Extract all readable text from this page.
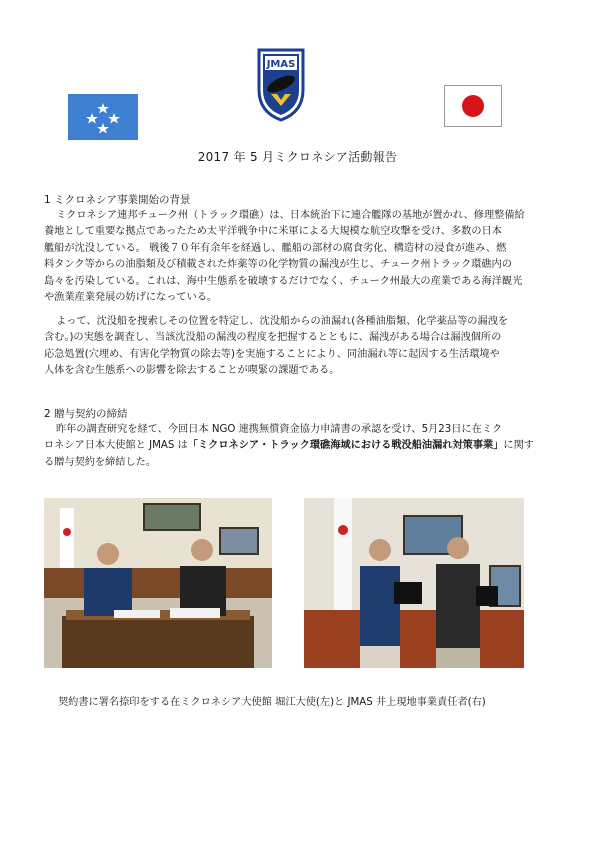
JMAS
2017 年 5 月ミクロネシア活動報告
1 ミクロネシア事業開始の背景
ミクロネシア連邦チューク州（トラック環礁）は、日本統治下に連合艦隊の基地が置かれ、修理整備給
養地として重要な拠点であったため太平洋戦争中に米軍による大規模な航空攻撃を受け、多数の日本
艦船が沈没している。 戦後７０年有余年を経過し、艦船の部材の腐食劣化、構造材の浸食が進み、燃
料タンク等からの油脂類及び積載された炸薬等の化学物質の漏洩が生じ、チューク州トラック環礁内の
島々を汚染している。これは、海中生態系を破壊するだけでなく、チューク州最大の産業である海洋観光
や漁業産業発展の妨げになっている。
よって、沈没船を捜索しその位置を特定し、沈没船からの油漏れ(各種油脂類、化学薬品等の漏洩を
含む。)の実態を調査し、当該沈没船の漏洩の程度を把握するとともに、漏洩がある場合は漏洩個所の
応急処置(穴埋め、有害化学物質の除去等)を実施することにより、同油漏れ等に起因する生活環境や
人体を含む生態系への影響を除去することが喫緊の課題である。
2 贈与契約の締結
昨年の調査研究を経て、今回日本 NGO 連携無償資金協力申請書の承認を受け、5月23日に在ミク
ロネシア日本大使館と JMAS は「ミクロネシア・トラック環礁海域における戦没船油漏れ対策事業」に関す
る贈与契約を締結した。
契約書に署名捺印をする在ミクロネシア大使館 堀江大使(左)と JMAS 井上現地事業責任者(右)
